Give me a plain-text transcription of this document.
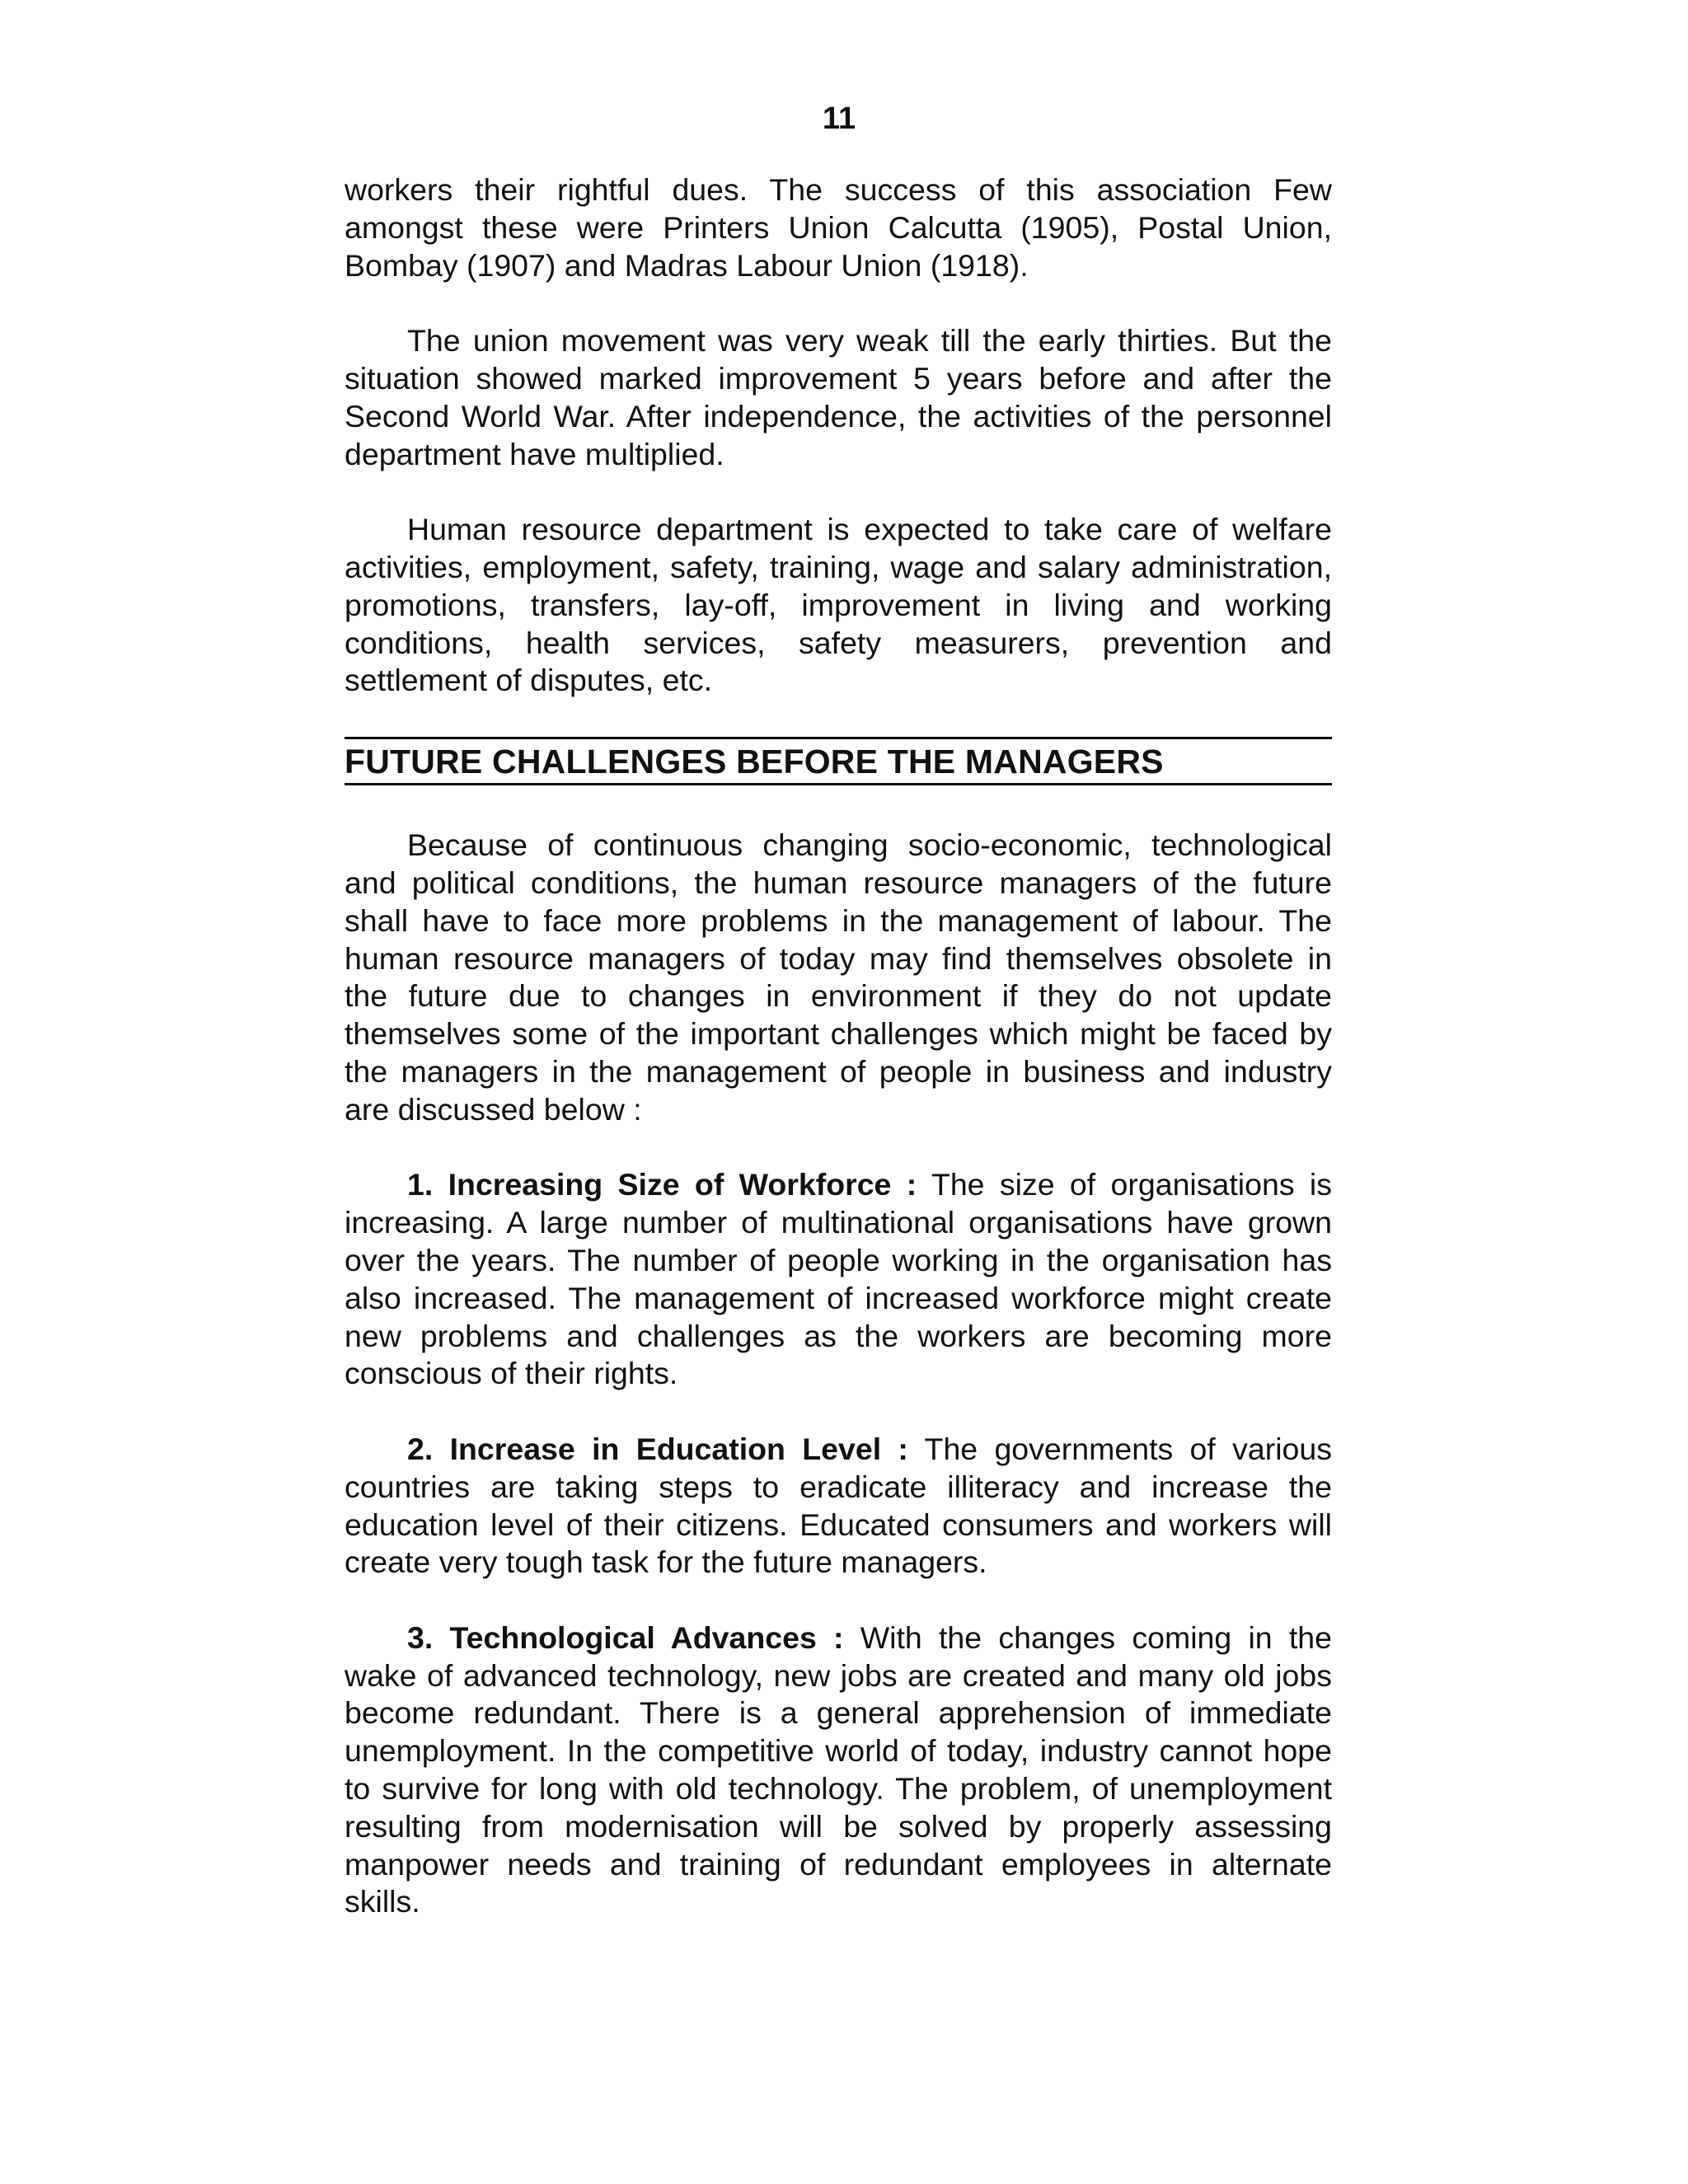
11

workers their rightful dues. The success of this association Few amongst these were Printers Union Calcutta (1905), Postal Union, Bombay (1907) and Madras Labour Union (1918).

The union movement was very weak till the early thirties. But the situation showed marked improvement 5 years before and after the Second World War. After independence, the activities of the personnel department have multiplied.

Human resource department is expected to take care of welfare activities, employment, safety, training, wage and salary administration, promotions, transfers, lay-off, improvement in living and working conditions, health services, safety measurers, prevention and settlement of disputes, etc.

FUTURE CHALLENGES BEFORE THE MANAGERS

Because of continuous changing socio-economic, technological and political conditions, the human resource managers of the future shall have to face more problems in the management of labour. The human resource managers of today may find themselves obsolete in the future due to changes in environment if they do not update themselves some of the important challenges which might be faced by the managers in the management of people in business and industry are discussed below :

1. Increasing Size of Workforce : The size of organisations is increasing. A large number of multinational organisations have grown over the years. The number of people working in the organisation has also increased. The management of increased workforce might create new problems and challenges as the workers are becoming more conscious of their rights.

2. Increase in Education Level : The governments of various countries are taking steps to eradicate illiteracy and increase the education level of their citizens. Educated consumers and workers will create very tough task for the future managers.

3. Technological Advances : With the changes coming in the wake of advanced technology, new jobs are created and many old jobs become redundant. There is a general apprehension of immediate unemployment. In the competitive world of today, industry cannot hope to survive for long with old technology. The problem, of unemployment resulting from modernisation will be solved by properly assessing manpower needs and training of redundant employees in alternate skills.
